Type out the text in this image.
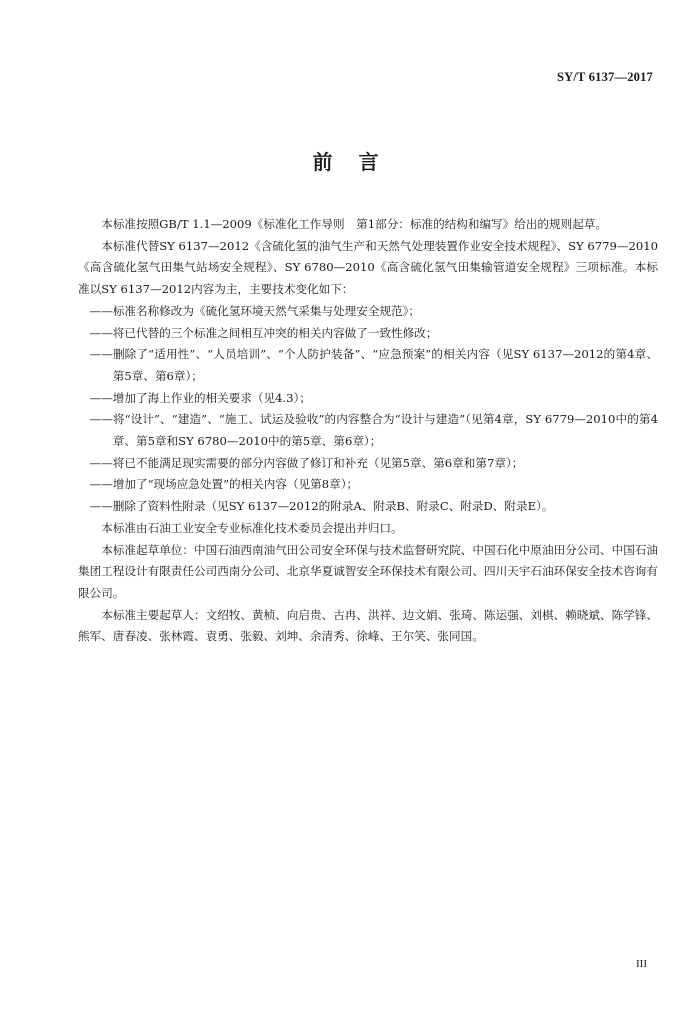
SY/T 6137—2017
前言

本标准按照GB/T 1.1—2009《标准化工作导则　第1部分：标准的结构和编写》给出的规则起草。

本标准代替SY 6137—2012《含硫化氢的油气生产和天然气处理装置作业安全技术规程》、SY 6779—2010《高含硫化氢气田集气站场安全规程》、SY 6780—2010《高含硫化氢气田集输管道安全规程》三项标准。本标准以SY 6137—2012内容为主，主要技术变化如下：

——标准名称修改为《硫化氢环境天然气采集与处理安全规范》；

——将已代替的三个标准之间相互冲突的相关内容做了一致性修改；

——删除了“适用性”、“人员培训”、“个人防护装备”、“应急预案”的相关内容（见SY 6137—2012的第4章、第5章、第6章）；

——增加了海上作业的相关要求（见4.3）；

——将“设计”、“建造”、“施工、试运及验收”的内容整合为“设计与建造”（见第4章，SY 6779—2010中的第4章、第5章和SY 6780—2010中的第5章、第6章）；

——将已不能满足现实需要的部分内容做了修订和补充（见第5章、第6章和第7章）；

——增加了“现场应急处置”的相关内容（见第8章）；

——删除了资料性附录（见SY 6137—2012的附录A、附录B、附录C、附录D、附录E）。

本标准由石油工业安全专业标准化技术委员会提出并归口。

本标准起草单位：中国石油西南油气田公司安全环保与技术监督研究院、中国石化中原油田分公司、中国石油集团工程设计有限责任公司西南分公司、北京华夏诚智安全环保技术有限公司、四川天宇石油环保安全技术咨询有限公司。

本标准主要起草人：文绍牧、黄桢、向启贵、古冉、洪祥、边文娟、张琦、陈运强、刘棋、赖晓斌、陈学锋、熊军、唐春凌、张林霞、袁勇、张毅、刘坤、余清秀、徐峰、王尔笑、张同国。

III
